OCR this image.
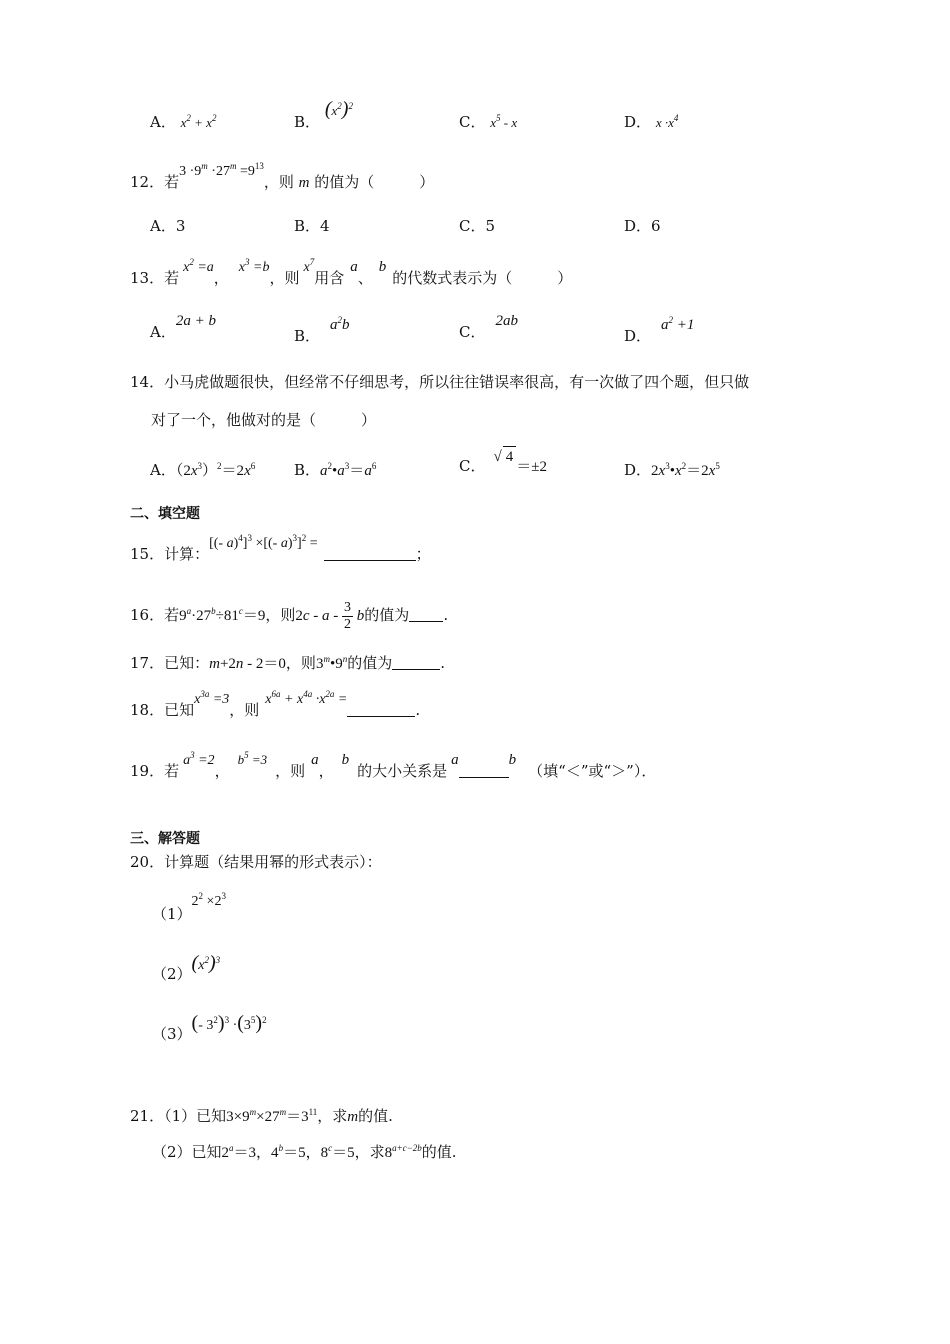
A． $x^2 + x^2$	B． $(x^2)^2$
C． $x^5$ - x	D． $x \cdot x^4$
12．若$3 \cdot 9^m \cdot 27^m =9^{13}$，则 m 的值为（　　　）
A．3	B．4	C．5	D．6
13．若$x^2 =a$，$x^3 =b$，则$x^7$用含a、b的代数式表示为（　　　）
A．2a + b
B．$a^2b$	C．2ab
D．$a^2 +1$
14．小马虎做题很快，但经常不仔细思考，所以往往错误率很高，有一次做了四个题，但只做
对了一个，他做对的是（　　　）
A．$(2x^3)^2=2x^6$	B．$a^2•a^3=a^6$	C． √ 4＝±2	D．$2x^3•x^2=2x^5$
二、填空题
15．计算：[(- a)$^4$]$^3$ ×[(- a)$^3$]$^2$ =；
16．若$9^a\cdot 27^b\div 81^c=9$，则2c - a - $\frac{3}{2}$ b的值为 .
17．已知：m+2n - 2＝0，则3$^m$•9$^n$的值为	.
18．已知$x^{3a} =3$，则$x^{6a} + x^{4a} \cdot x^{2a}$ =.
19．若$a^3 =2$，$b^5 =3$，则a，b的大小关系是a	b（填“＜”或“＞”）．
三、解答题
20．计算题（结果用幂的形式表示）：
$(1)2^2 \times 2^3$
$(2)(x^2)^3$
（3）(- $3^2)^3 \cdot(3^5)^2$
21．（1）已知$3\times 9^m\times 27^m=3^{11}$，求m的值.
（2）已知$2^a=3$，$4^b=5$，$8^c=5$，求$8^{a+c-2b}$的值.
